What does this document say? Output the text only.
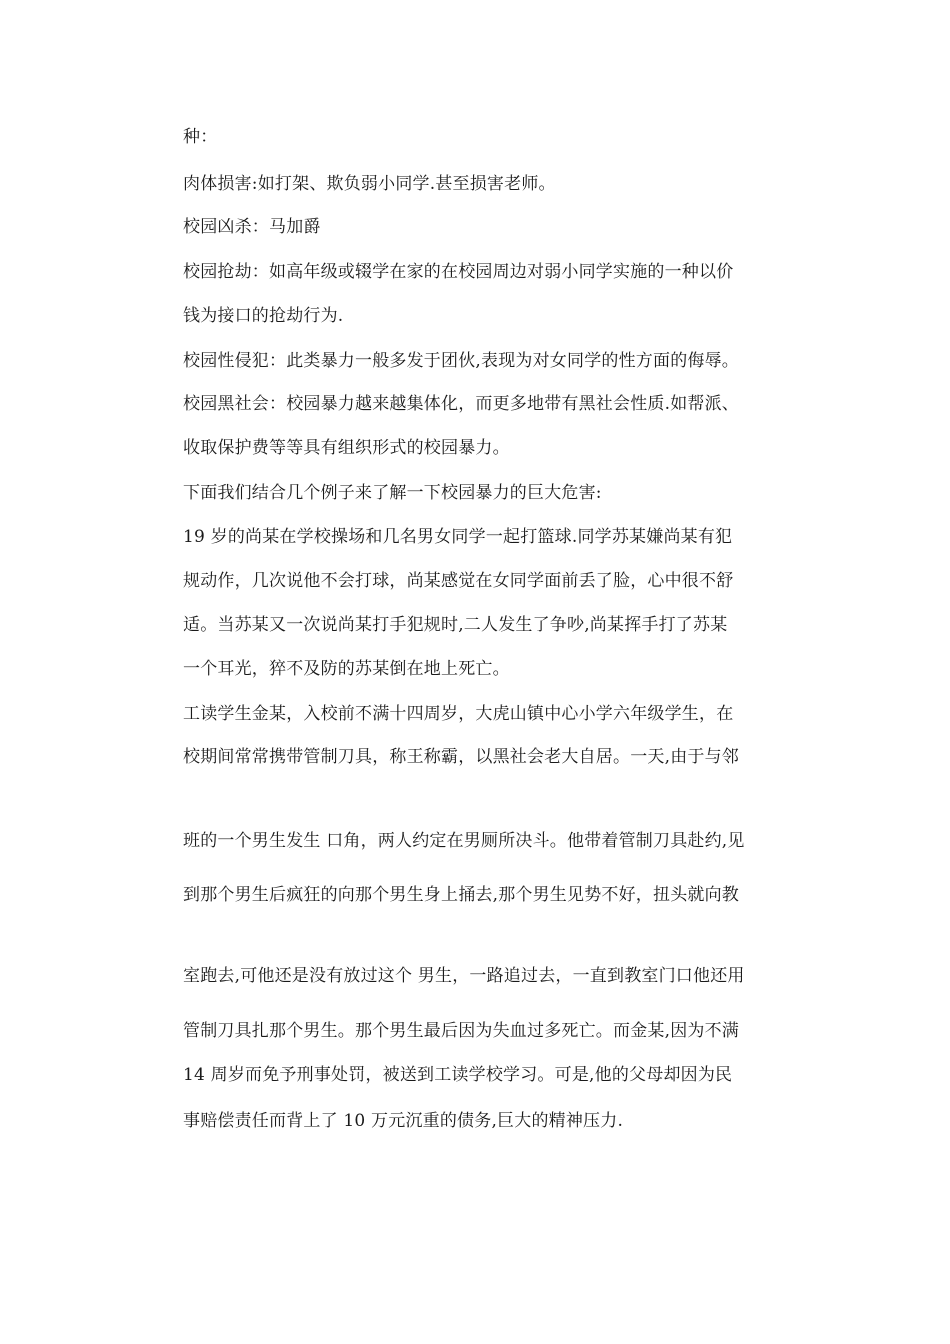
种：
肉体损害:如打架、欺负弱小同学.甚至损害老师。
校园凶杀：马加爵
校园抢劫：如高年级或辍学在家的在校园周边对弱小同学实施的一种以价
钱为接口的抢劫行为.
校园性侵犯：此类暴力一般多发于团伙,表现为对女同学的性方面的侮辱。
校园黑社会：校园暴力越来越集体化，而更多地带有黑社会性质.如帮派、
收取保护费等等具有组织形式的校园暴力。
下面我们结合几个例子来了解一下校园暴力的巨大危害:
19 岁的尚某在学校操场和几名男女同学一起打篮球.同学苏某嫌尚某有犯
规动作，几次说他不会打球，尚某感觉在女同学面前丢了脸，心中很不舒
适。当苏某又一次说尚某打手犯规时,二人发生了争吵,尚某挥手打了苏某
一个耳光，猝不及防的苏某倒在地上死亡。
工读学生金某，入校前不满十四周岁，大虎山镇中心小学六年级学生，在
校期间常常携带管制刀具，称王称霸，以黑社会老大自居。一天,由于与邻
班的一个男生发生 口角，两人约定在男厕所决斗。他带着管制刀具赴约,见
到那个男生后疯狂的向那个男生身上捅去,那个男生见势不好，扭头就向教
室跑去,可他还是没有放过这个 男生，一路追过去，一直到教室门口他还用
管制刀具扎那个男生。那个男生最后因为失血过多死亡。而金某,因为不满
14 周岁而免予刑事处罚，被送到工读学校学习。可是,他的父母却因为民
事赔偿责任而背上了 10 万元沉重的债务,巨大的精神压力.
